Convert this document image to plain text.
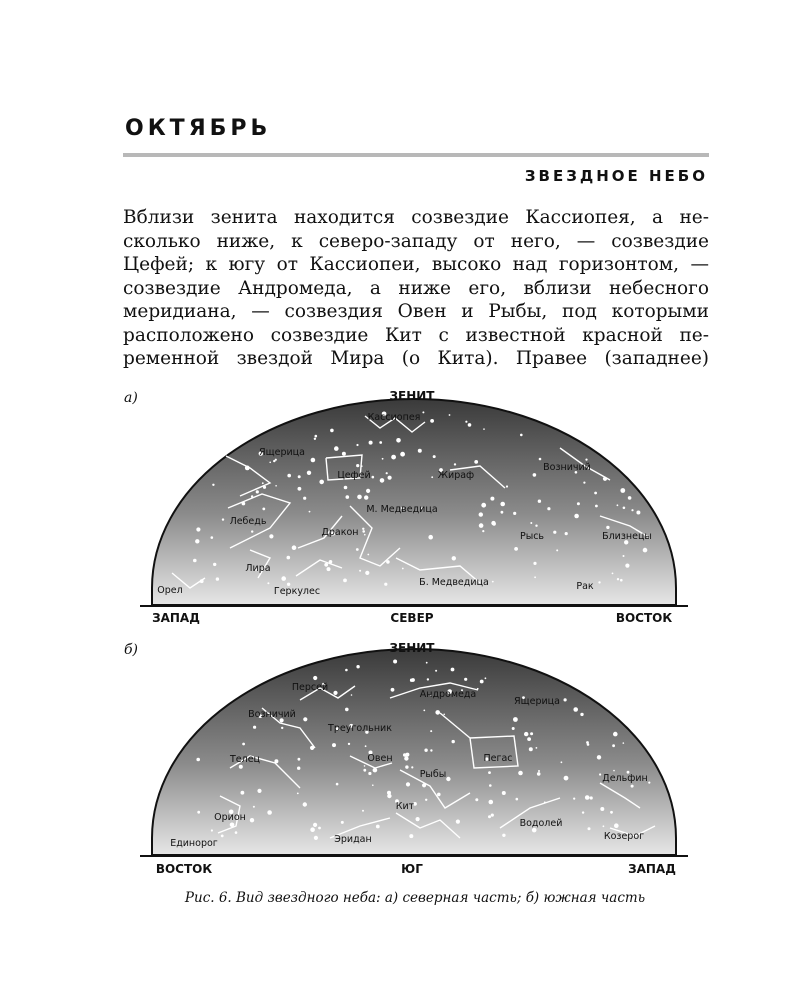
ОКТЯБРЬ
ЗВЕЗДНОЕ НЕБО
Вблизи зенита находится созвездие Кассиопея, а не-
сколько ниже, к северо-западу от него, — созвездие
Цефей; к югу от Кассиопеи, высоко над горизонтом, —
созвездие Андромеда, а ниже его, вблизи небесного
меридиана, — созвездия Овен и Рыбы, под которыми
расположено созвездие Кит с известной красной пе-
ременной звездой Мира (о Кита). Правее (западнее)
а)
Кассиопея
Ящерица
Цефей	Жираф
Возничий
М. Медведица
Лебедь
Дракон	Рысь	Близнецы
Лира
Орел	Геркулес
Б. Медведица	Рак
ЗЕНИТ
ЗАПАД	СЕВЕР	ВОСТОК
б)
Персей
Андромеда
Ящерица
Возничий
Треугольник
Телец	Овен	Пегас
Рыбы	Дельфин
Кит
Орион
Водолей
Козерог
Единорог	Эридан
ЗЕНИТ
ВОСТОК	ЮГ	ЗАПАД
Рис. 6. Вид звездного неба: а) северная часть; б) южная часть
